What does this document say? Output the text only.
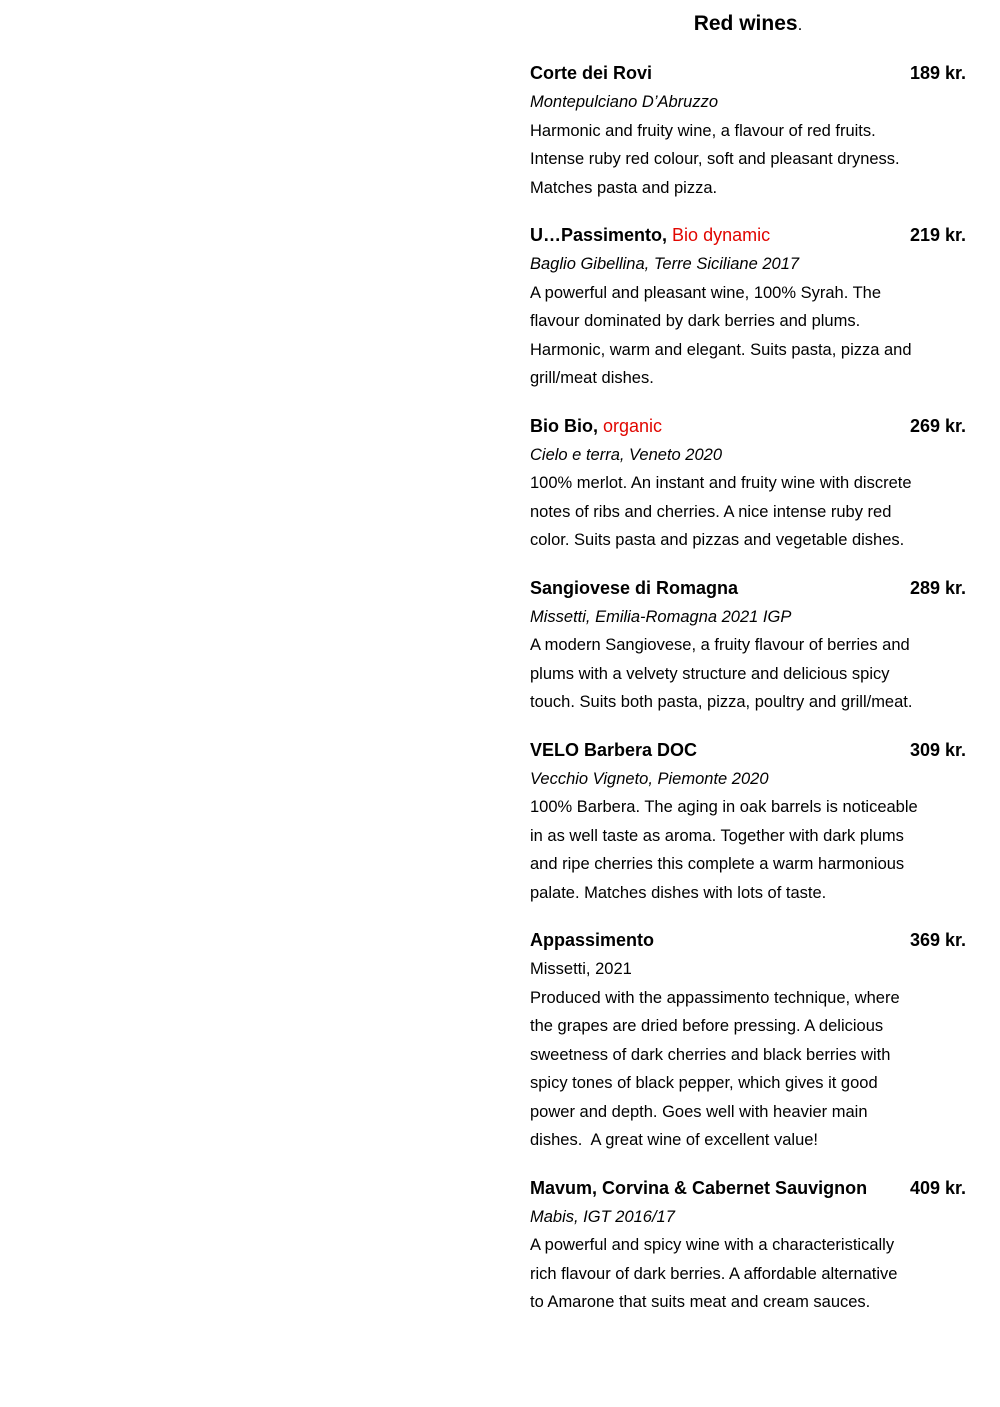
Red wines.
Corte dei Rovi	189 kr.
Montepulciano D’Abruzzo
Harmonic and fruity wine, a flavour of red fruits.
Intense ruby red colour, soft and pleasant dryness.
Matches pasta and pizza.
U…Passimento, Bio dynamic	219 kr.
Baglio Gibellina, Terre Siciliane 2017
A powerful and pleasant wine, 100% Syrah. The
flavour dominated by dark berries and plums.
Harmonic, warm and elegant. Suits pasta, pizza and
grill/meat dishes.
Bio Bio, organic	269 kr.
Cielo e terra, Veneto 2020
100% merlot. An instant and fruity wine with discrete
notes of ribs and cherries. A nice intense ruby red
color. Suits pasta and pizzas and vegetable dishes.
Sangiovese di Romagna	289 kr.
Missetti, Emilia-Romagna 2021 IGP
A modern Sangiovese, a fruity flavour of berries and
plums with a velvety structure and delicious spicy
touch. Suits both pasta, pizza, poultry and grill/meat.
VELO Barbera DOC	309 kr.
Vecchio Vigneto, Piemonte 2020
100% Barbera. The aging in oak barrels is noticeable
in as well taste as aroma. Together with dark plums
and ripe cherries this complete a warm harmonious
palate. Matches dishes with lots of taste.
Appassimento	369 kr.
Missetti, 2021
Produced with the appassimento technique, where
the grapes are dried before pressing. A delicious
sweetness of dark cherries and black berries with
spicy tones of black pepper, which gives it good
power and depth. Goes well with heavier main
dishes.  A great wine of excellent value!
Mavum, Corvina & Cabernet Sauvignon 409 kr.
Mabis, IGT 2016/17
A powerful and spicy wine with a characteristically
rich flavour of dark berries. A affordable alternative
to Amarone that suits meat and cream sauces.
